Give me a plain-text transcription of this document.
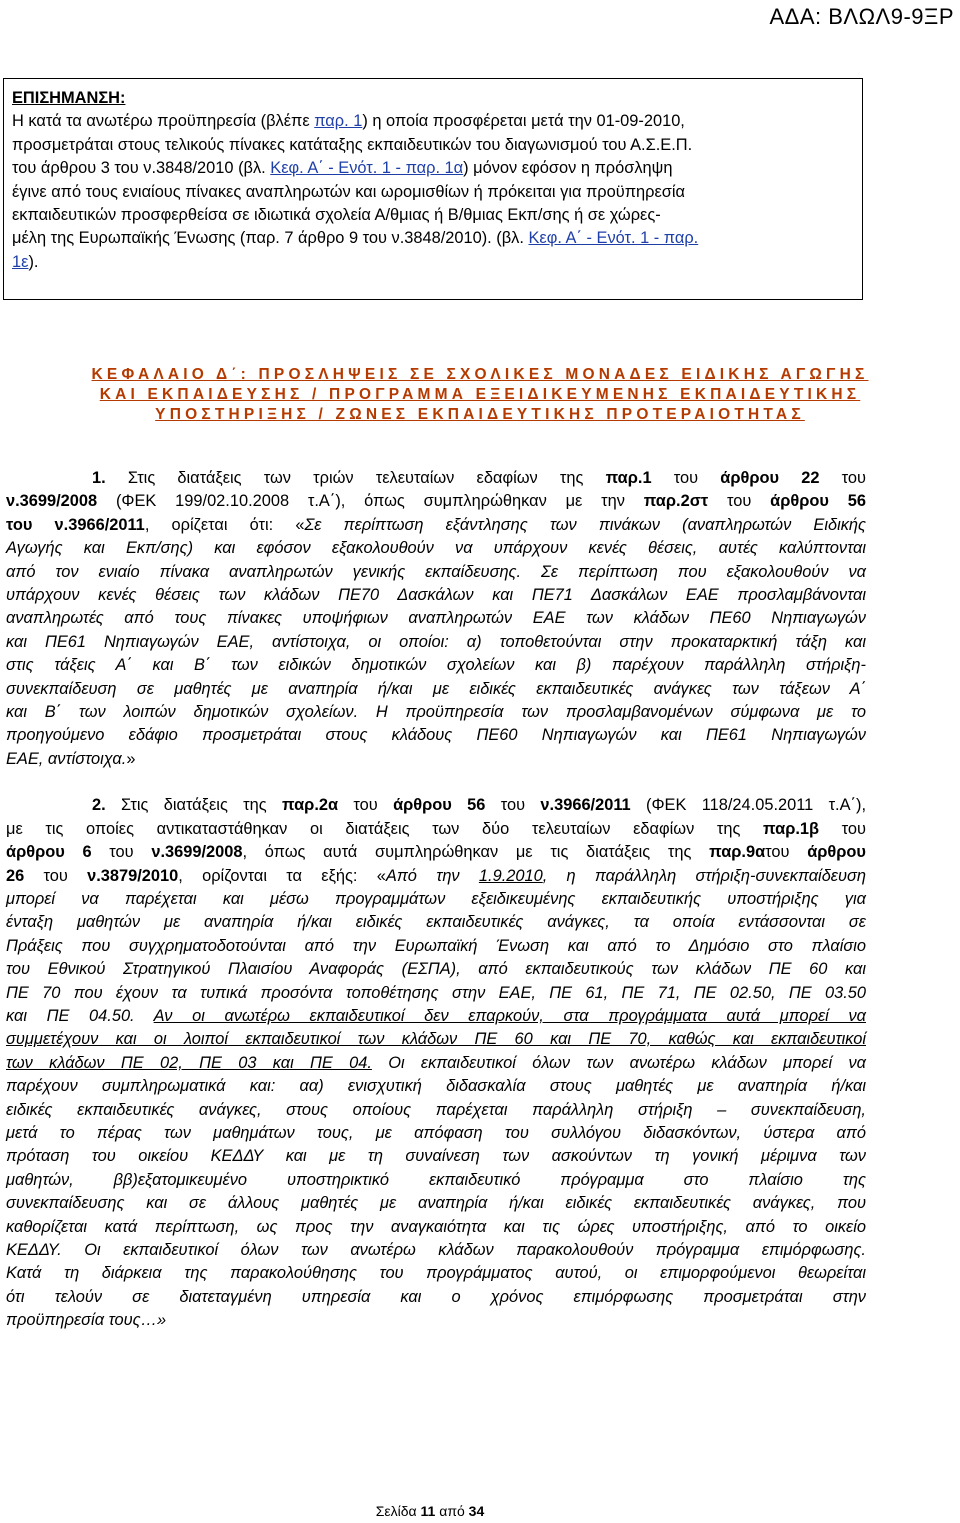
ΑΔΑ: ΒΛΩΛ9-9ΞΡ

ΕΠΙΣΗΜΑΝΣΗ:
Η κατά τα ανωτέρω προϋπηρεσία (βλέπε παρ. 1) η οποία προσφέρεται μετά την 01-09-2010,
προσμετράται στους τελικούς πίνακες κατάταξης εκπαιδευτικών του διαγωνισμού του Α.Σ.Ε.Π.
του άρθρου 3 του ν.3848/2010 (βλ. Κεφ. Α΄ - Ενότ. 1 - παρ. 1α) μόνον εφόσον η πρόσληψη
έγινε από τους ενιαίους πίνακες αναπληρωτών και ωρομισθίων ή πρόκειται για προϋπηρεσία
εκπαιδευτικών προσφερθείσα σε ιδιωτικά σχολεία Α/θμιας ή Β/θμιας Εκπ/σης ή σε χώρες-
μέλη της Ευρωπαϊκής Ένωσης (παρ. 7 άρθρο 9 του ν.3848/2010). (βλ. Κεφ. Α΄ - Ενότ. 1 - παρ.
1ε).

ΚΕΦΑΛΑΙΟ Δ΄: ΠΡΟΣΛΗΨΕΙΣ ΣΕ ΣΧΟΛΙΚΕΣ ΜΟΝΑΔΕΣ ΕΙΔΙΚΗΣ ΑΓΩΓΗΣ
ΚΑΙ ΕΚΠΑΙΔΕΥΣΗΣ / ΠΡΟΓΡΑΜΜΑ ΕΞΕΙΔΙΚΕΥΜΕΝΗΣ ΕΚΠΑΙΔΕΥΤΙΚΗΣ
ΥΠΟΣΤΗΡΙΞΗΣ / ΖΩΝΕΣ ΕΚΠΑΙΔΕΥΤΙΚΗΣ ΠΡΟΤΕΡΑΙΟΤΗΤΑΣ

1. Στις διατάξεις των τριών τελευταίων εδαφίων της παρ.1 του άρθρου 22 του
ν.3699/2008 (ΦΕΚ 199/02.10.2008 τ.Α΄), όπως συμπληρώθηκαν με την παρ.2στ του άρθρου 56
του ν.3966/2011, ορίζεται ότι: «Σε περίπτωση εξάντλησης των πινάκων (αναπληρωτών Ειδικής
Αγωγής και Εκπ/σης) και εφόσον εξακολουθούν να υπάρχουν κενές θέσεις, αυτές καλύπτονται
από τον ενιαίο πίνακα αναπληρωτών γενικής εκπαίδευσης. Σε περίπτωση που εξακολουθούν να
υπάρχουν κενές θέσεις των κλάδων ΠΕ70 Δασκάλων και ΠΕ71 Δασκάλων ΕΑΕ προσλαμβάνονται
αναπληρωτές από τους πίνακες υποψήφιων αναπληρωτών ΕΑΕ των κλάδων ΠΕ60 Νηπιαγωγών
και ΠΕ61 Νηπιαγωγών ΕΑΕ, αντίστοιχα, οι οποίοι: α) τοποθετούνται στην προκαταρκτική τάξη και
στις τάξεις Α΄ και Β΄ των ειδικών δημοτικών σχολείων και β) παρέχουν παράλληλη στήριξη-
συνεκπαίδευση σε μαθητές με αναπηρία ή/και με ειδικές εκπαιδευτικές ανάγκες των τάξεων Α΄
και Β΄ των λοιπών δημοτικών σχολείων. Η προϋπηρεσία των προσλαμβανομένων σύμφωνα με το
προηγούμενο εδάφιο προσμετράται στους κλάδους ΠΕ60 Νηπιαγωγών και ΠΕ61 Νηπιαγωγών
ΕΑΕ, αντίστοιχα.»

2. Στις διατάξεις της παρ.2α του άρθρου 56 του ν.3966/2011 (ΦΕΚ 118/24.05.2011 τ.Α΄),
με τις οποίες αντικαταστάθηκαν οι διατάξεις των δύο τελευταίων εδαφίων της παρ.1β του
άρθρου 6 του ν.3699/2008, όπως αυτά συμπληρώθηκαν με τις διατάξεις της παρ.9ατου άρθρου
26 του ν.3879/2010, ορίζονται τα εξής: «Από την 1.9.2010, η παράλληλη στήριξη-συνεκπαίδευση
μπορεί να παρέχεται και μέσω προγραμμάτων εξειδικευμένης εκπαιδευτικής υποστήριξης για
ένταξη μαθητών με αναπηρία ή/και ειδικές εκπαιδευτικές ανάγκες, τα οποία εντάσσονται σε
Πράξεις που συγχρηματοδοτούνται από την Ευρωπαϊκή Ένωση και από το Δημόσιο στο πλαίσιο
του Εθνικού Στρατηγικού Πλαισίου Αναφοράς (ΕΣΠΑ), από εκπαιδευτικούς των κλάδων ΠΕ 60 και
ΠΕ 70 που έχουν τα τυπικά προσόντα τοποθέτησης στην ΕΑΕ, ΠΕ 61, ΠΕ 71, ΠΕ 02.50, ΠΕ 03.50
και ΠΕ 04.50. Αν οι ανωτέρω εκπαιδευτικοί δεν επαρκούν, στα προγράμματα αυτά μπορεί να
συμμετέχουν και οι λοιποί εκπαιδευτικοί των κλάδων ΠΕ 60 και ΠΕ 70, καθώς και εκπαιδευτικοί
των κλάδων ΠΕ 02, ΠΕ 03 και ΠΕ 04. Οι εκπαιδευτικοί όλων των ανωτέρω κλάδων μπορεί να
παρέχουν συμπληρωματικά και: αα) ενισχυτική διδασκαλία στους μαθητές με αναπηρία ή/και
ειδικές εκπαιδευτικές ανάγκες, στους οποίους παρέχεται παράλληλη στήριξη – συνεκπαίδευση,
μετά το πέρας των μαθημάτων τους, με απόφαση του συλλόγου διδασκόντων, ύστερα από
πρόταση του οικείου ΚΕΔΔΥ και με τη συναίνεση των ασκούντων τη γονική μέριμνα των
μαθητών, ββ)εξατομικευμένο υποστηρικτικό εκπαιδευτικό πρόγραμμα στο πλαίσιο της
συνεκπαίδευσης και σε άλλους μαθητές με αναπηρία ή/και ειδικές εκπαιδευτικές ανάγκες, που
καθορίζεται κατά περίπτωση, ως προς την αναγκαιότητα και τις ώρες υποστήριξης, από το οικείο
ΚΕΔΔΥ. Οι εκπαιδευτικοί όλων των ανωτέρω κλάδων παρακολουθούν πρόγραμμα επιμόρφωσης.
Κατά τη διάρκεια της παρακολούθησης του προγράμματος αυτού, οι επιμορφούμενοι θεωρείται
ότι τελούν σε διατεταγμένη υπηρεσία και ο χρόνος επιμόρφωσης προσμετράται στην
προϋπηρεσία τους…»

Σελίδα 11 από 34
